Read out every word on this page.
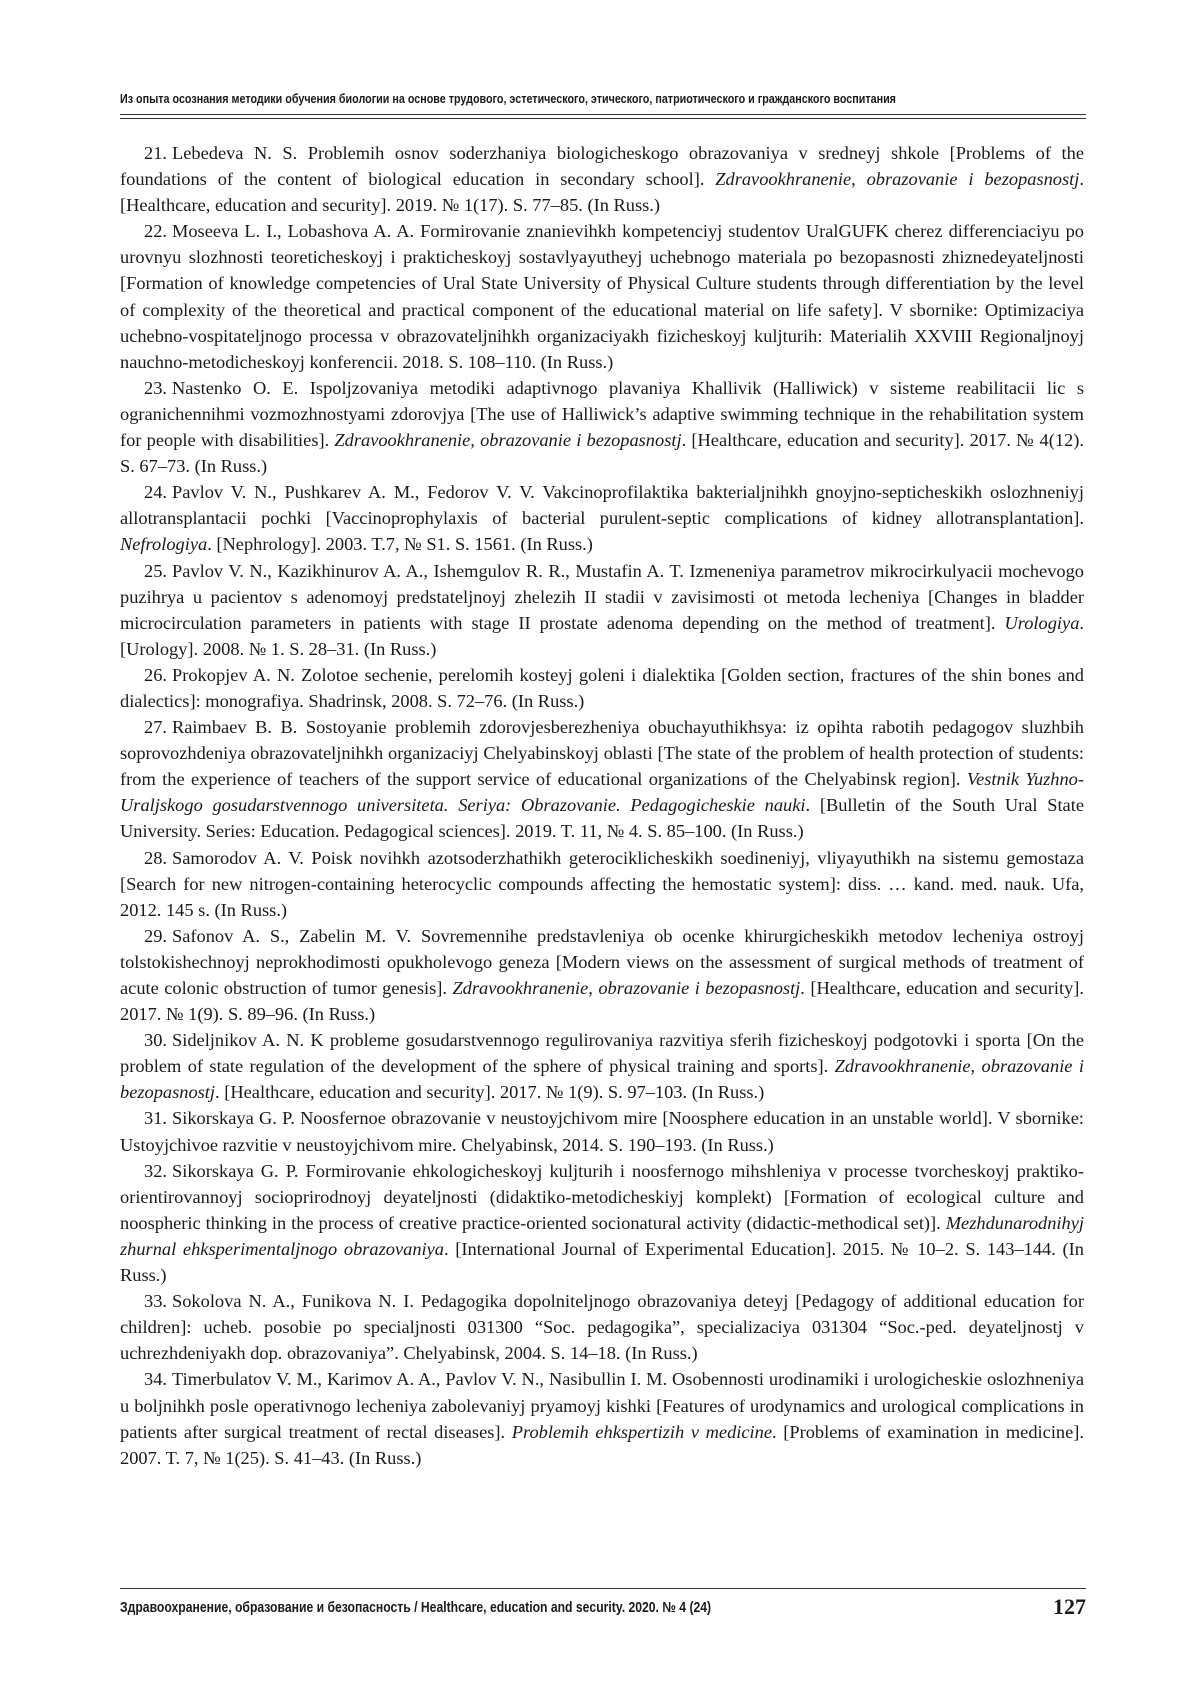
Из опыта осознания методики обучения биологии на основе трудового, эстетического, этического, патриотического и гражданского воспитания

21. Lebedeva N. S. Problemih osnov soderzhaniya biologicheskogo obrazovaniya v sredneyj shkole [Problems of the foundations of the content of biological education in secondary school]. Zdravookhranenie, obrazovanie i bezopasnostj. [Healthcare, education and security]. 2019. № 1(17). S. 77–85. (In Russ.)

22. Moseeva L. I., Lobashova A. A. Formirovanie znanievihkh kompetenciyj studentov UralGUFK cherez differenciaciyu po urovnyu slozhnosti teoreticheskoyj i prakticheskoyj sostavlyayutheyj uchebnogo materiala po bezopasnosti zhiznedeyateljnosti [Formation of knowledge competencies of Ural State University of Physical Culture students through differentiation by the level of complexity of the theoretical and practical component of the educational material on life safety]. V sbornike: Optimizaciya uchebno-vospitateljnogo processa v obrazovateljnihkh organizaciyakh fizicheskoyj kuljturih: Materialih XXVIII Regionaljnoyj nauchno-metodicheskoyj konferencii. 2018. S. 108–110. (In Russ.)

23. Nastenko O. E. Ispoljzovaniya metodiki adaptivnogo plavaniya Khallivik (Halliwick) v sisteme reabilitacii lic s ogranichennihmi vozmozhnostyami zdorovjya [The use of Halliwick’s adaptive swimming technique in the rehabilitation system for people with disabilities]. Zdravookhranenie, obrazovanie i bezopasnostj. [Healthcare, education and security]. 2017. № 4(12). S. 67–73. (In Russ.)

24. Pavlov V. N., Pushkarev A. M., Fedorov V. V. Vakcinoprofilaktika bakterialjnihkh gnoyjno-septicheskikh oslozhneniyj allotransplantacii pochki [Vaccinoprophylaxis of bacterial purulent-septic complications of kidney allotransplantation]. Nefrologiya. [Nephrology]. 2003. T.7, № S1. S. 1561. (In Russ.)

25. Pavlov V. N., Kazikhinurov A. A., Ishemgulov R. R., Mustafin A. T. Izmeneniya parametrov mikrocirkulyacii mochevogo puzihrya u pacientov s adenomoyj predstateljnoyj zhelezih II stadii v zavisimosti ot metoda lecheniya [Changes in bladder microcirculation parameters in patients with stage II prostate adenoma depending on the method of treatment]. Urologiya. [Urology]. 2008. № 1. S. 28–31. (In Russ.)

26. Prokopjev A. N. Zolotoe sechenie, perelomih kosteyj goleni i dialektika [Golden section, fractures of the shin bones and dialectics]: monografiya. Shadrinsk, 2008. S. 72–76. (In Russ.)

27. Raimbaev B. B. Sostoyanie problemih zdorovjesberezheniya obuchayuthikhsya: iz opihta rabotih pedagogov sluzhbih soprovozhdeniya obrazovateljnihkh organizaciyj Chelyabinskoyj oblasti [The state of the problem of health protection of students: from the experience of teachers of the support service of educational organizations of the Chelyabinsk region]. Vestnik Yuzhno-Uraljskogo gosudarstvennogo universiteta. Seriya: Obrazovanie. Pedagogicheskie nauki. [Bulletin of the South Ural State University. Series: Education. Pedagogical sciences]. 2019. T. 11, № 4. S. 85–100. (In Russ.)

28. Samorodov A. V. Poisk novihkh azotsoderzhathikh geterociklicheskikh soedineniyj, vliyayuthikh na sistemu gemostaza [Search for new nitrogen-containing heterocyclic compounds affecting the hemostatic system]: diss. … kand. med. nauk. Ufa, 2012. 145 s. (In Russ.)

29. Safonov A. S., Zabelin M. V. Sovremennihe predstavleniya ob ocenke khirurgicheskikh metodov lecheniya ostroyj tolstokishechnoyj neprokhodimosti opukholevogo geneza [Modern views on the assessment of surgical methods of treatment of acute colonic obstruction of tumor genesis]. Zdravookhranenie, obrazovanie i bezopasnostj. [Healthcare, education and security]. 2017. № 1(9). S. 89–96. (In Russ.)

30. Sideljnikov A. N. K probleme gosudarstvennogo regulirovaniya razvitiya sferih fizicheskoyj podgotovki i sporta [On the problem of state regulation of the development of the sphere of physical training and sports]. Zdravookhranenie, obrazovanie i bezopasnostj. [Healthcare, education and security]. 2017. № 1(9). S. 97–103. (In Russ.)

31. Sikorskaya G. P. Noosfernoe obrazovanie v neustoyjchivom mire [Noosphere education in an unstable world]. V sbornike: Ustoyjchivoe razvitie v neustoyjchivom mire. Chelyabinsk, 2014. S. 190–193. (In Russ.)

32. Sikorskaya G. P. Formirovanie ehkologicheskoyj kuljturih i noosfernogo mihshleniya v processe tvorcheskoyj praktiko-orientirovannoyj socioprirodnoyj deyateljnosti (didaktiko-metodicheskiyj komplekt) [Formation of ecological culture and noospheric thinking in the process of creative practice-oriented socionatural activity (didactic-methodical set)]. Mezhdunarodnihyj zhurnal ehksperimentaljnogo obrazovaniya. [International Journal of Experimental Education]. 2015. № 10–2. S. 143–144. (In Russ.)

33. Sokolova N. A., Funikova N. I. Pedagogika dopolniteljnogo obrazovaniya deteyj [Pedagogy of additional education for children]: ucheb. posobie po specialjnosti 031300 “Soc. pedagogika”, specializaciya 031304 “Soc.-ped. deyateljnostj v uchrezhdeniyakh dop. obrazovaniya”. Chelyabinsk, 2004. S. 14–18. (In Russ.)

34. Timerbulatov V. M., Karimov A. A., Pavlov V. N., Nasibullin I. M. Osobennosti urodinamiki i urologicheskie oslozhneniya u boljnihkh posle operativnogo lecheniya zabolevaniyj pryamoyj kishki [Features of urodynamics and urological complications in patients after surgical treatment of rectal diseases]. Problemih ehkspertizih v medicine. [Problems of examination in medicine]. 2007. T. 7, № 1(25). S. 41–43. (In Russ.)

Здравоохранение, образование и безопасность / Healthcare, education and security. 2020. № 4 (24)	127
